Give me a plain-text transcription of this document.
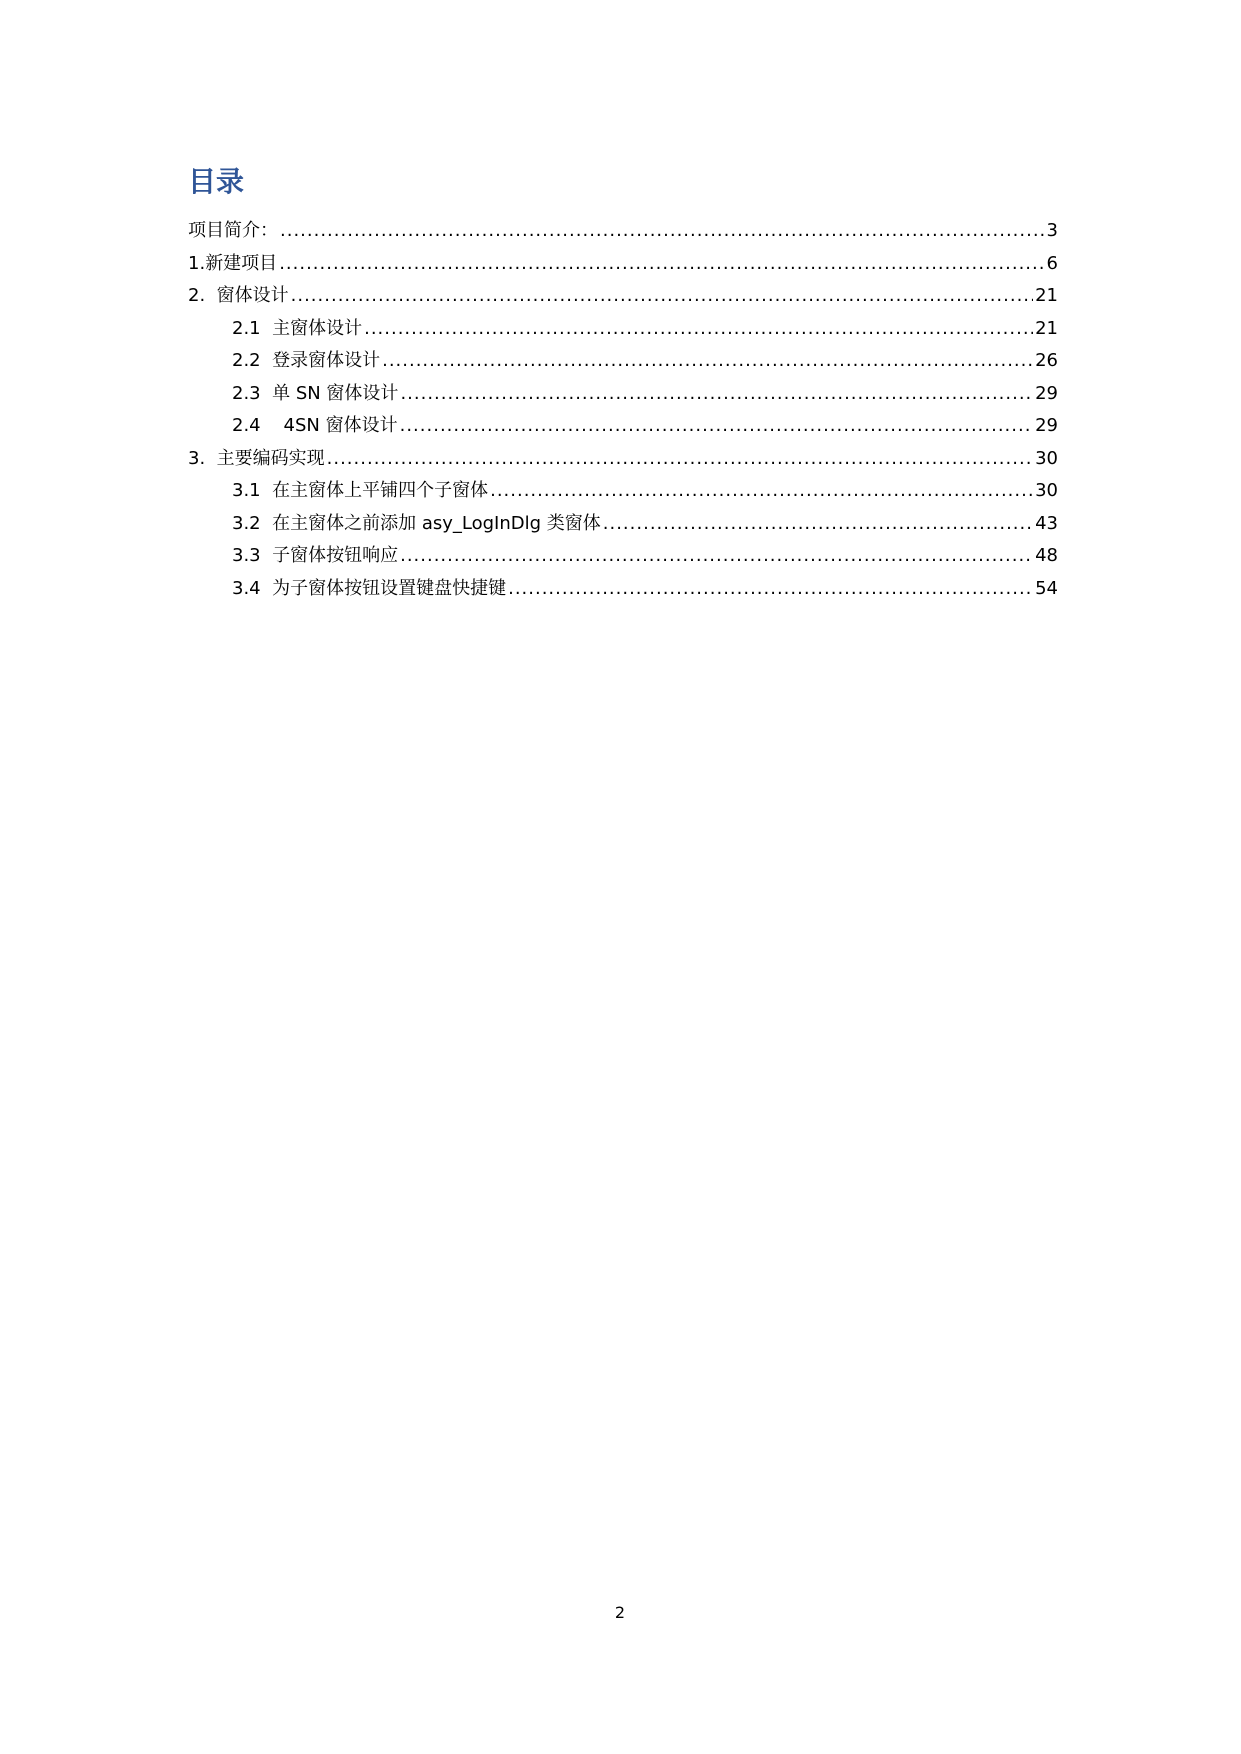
目录
项目简介： .....	3
1.新建项目 .....	6
2. 窗体设计 .....	21
2.1 主窗体设计 .....	21
2.2 登录窗体设计 .....	26
2.3 单 SN 窗体设计 .....	29
2.4 4SN 窗体设计 .....	29
3. 主要编码实现 .....	30
3.1 在主窗体上平铺四个子窗体 .....	30
3.2 在主窗体之前添加 asy_LogInDlg 类窗体 .....	43
3.3 子窗体按钮响应 .....	48
3.4 为子窗体按钮设置键盘快捷键 .....	54
2
